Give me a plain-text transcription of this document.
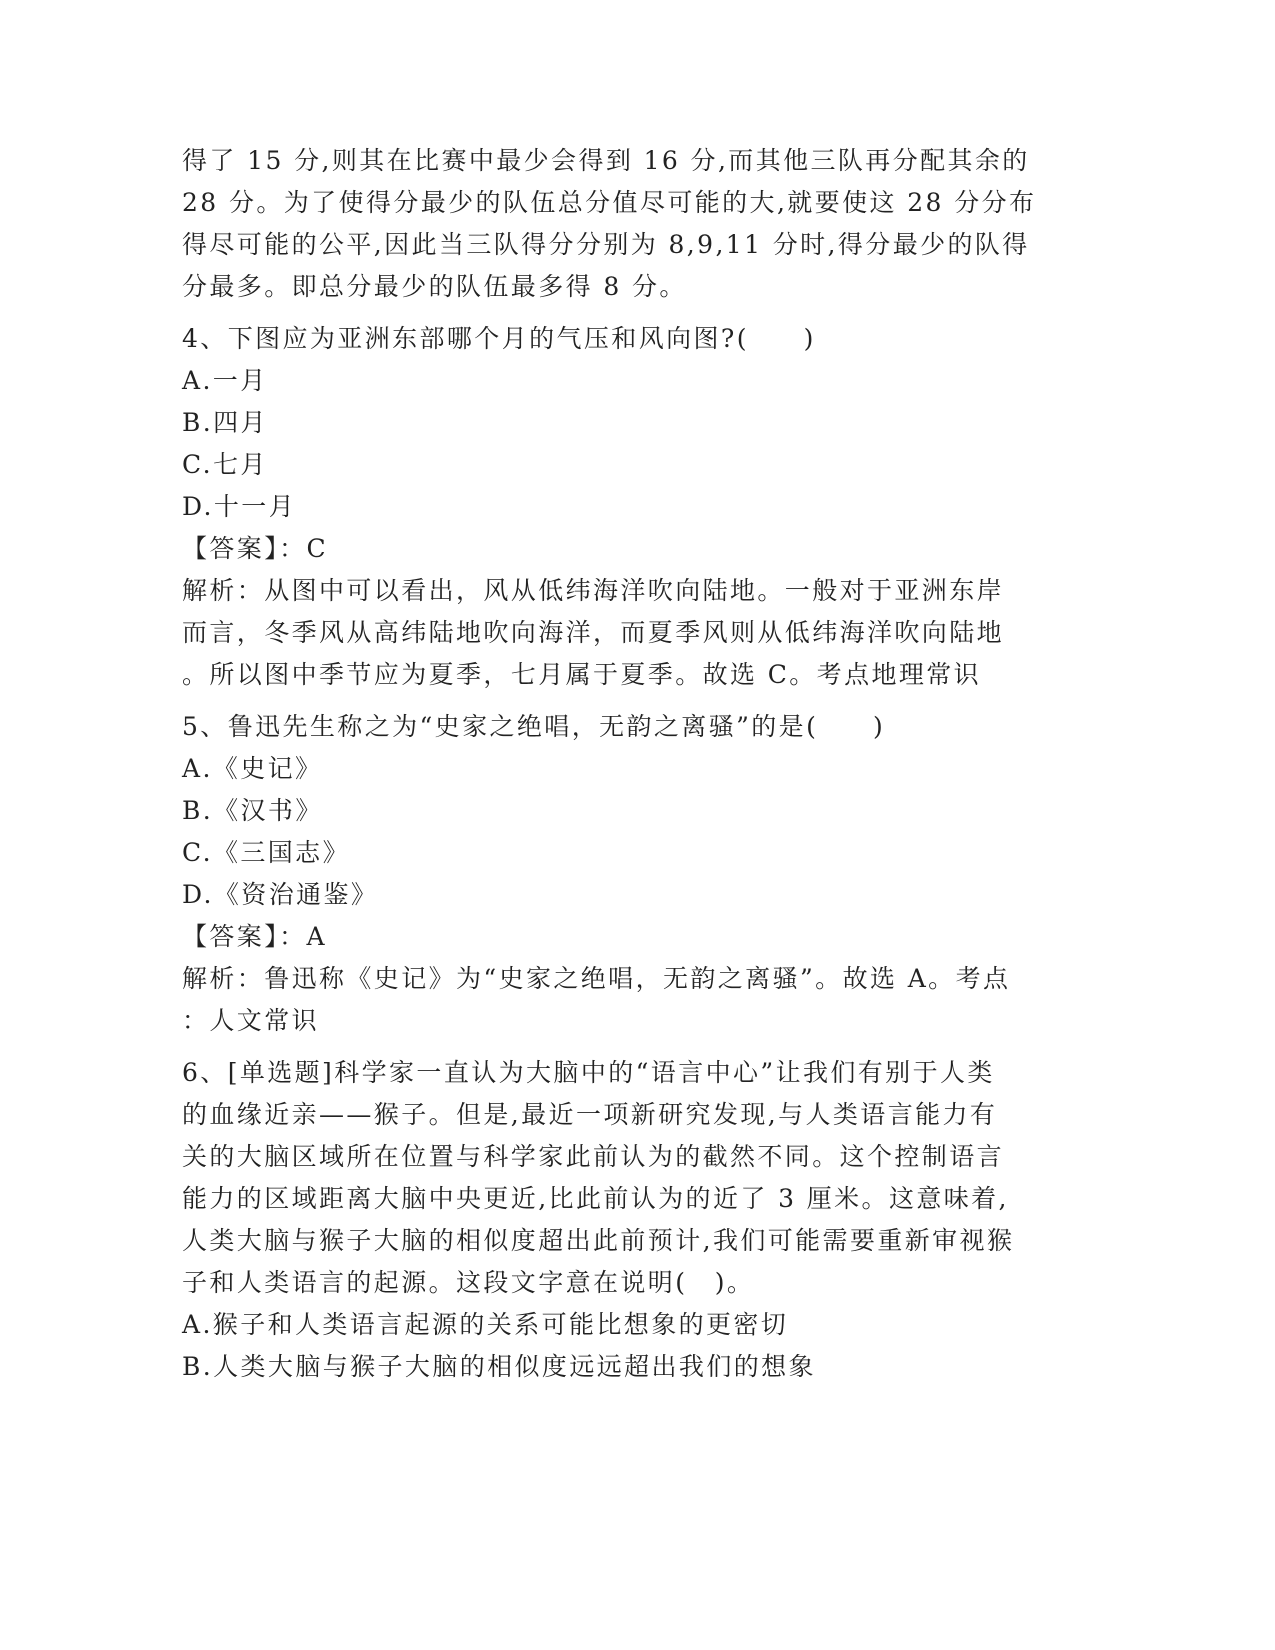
得了 15 分,则其在比赛中最少会得到 16 分,而其他三队再分配其余的

28 分。为了使得分最少的队伍总分值尽可能的大,就要使这 28 分分布

得尽可能的公平,因此当三队得分分别为 8,9,11 分时,得分最少的队得

分最多。即总分最少的队伍最多得 8 分。

4、下图应为亚洲东部哪个月的气压和风向图?(　　)

A.一月

B.四月

C.七月

D.十一月

【答案】：C

解析：从图中可以看出，风从低纬海洋吹向陆地。一般对于亚洲东岸

而言，冬季风从高纬陆地吹向海洋，而夏季风则从低纬海洋吹向陆地

。所以图中季节应为夏季，七月属于夏季。故选 C。考点地理常识

5、鲁迅先生称之为“史家之绝唱，无韵之离骚”的是(　　)

A.《史记》

B.《汉书》

C.《三国志》

D.《资治通鉴》

【答案】：A

解析：鲁迅称《史记》为“史家之绝唱，无韵之离骚”。故选 A。考点

：人文常识

6、[单选题]科学家一直认为大脑中的“语言中心”让我们有别于人类

的血缘近亲——猴子。但是,最近一项新研究发现,与人类语言能力有

关的大脑区域所在位置与科学家此前认为的截然不同。这个控制语言

能力的区域距离大脑中央更近,比此前认为的近了 3 厘米。这意味着,

人类大脑与猴子大脑的相似度超出此前预计,我们可能需要重新审视猴

子和人类语言的起源。这段文字意在说明(　)。

A.猴子和人类语言起源的关系可能比想象的更密切

B.人类大脑与猴子大脑的相似度远远超出我们的想象
